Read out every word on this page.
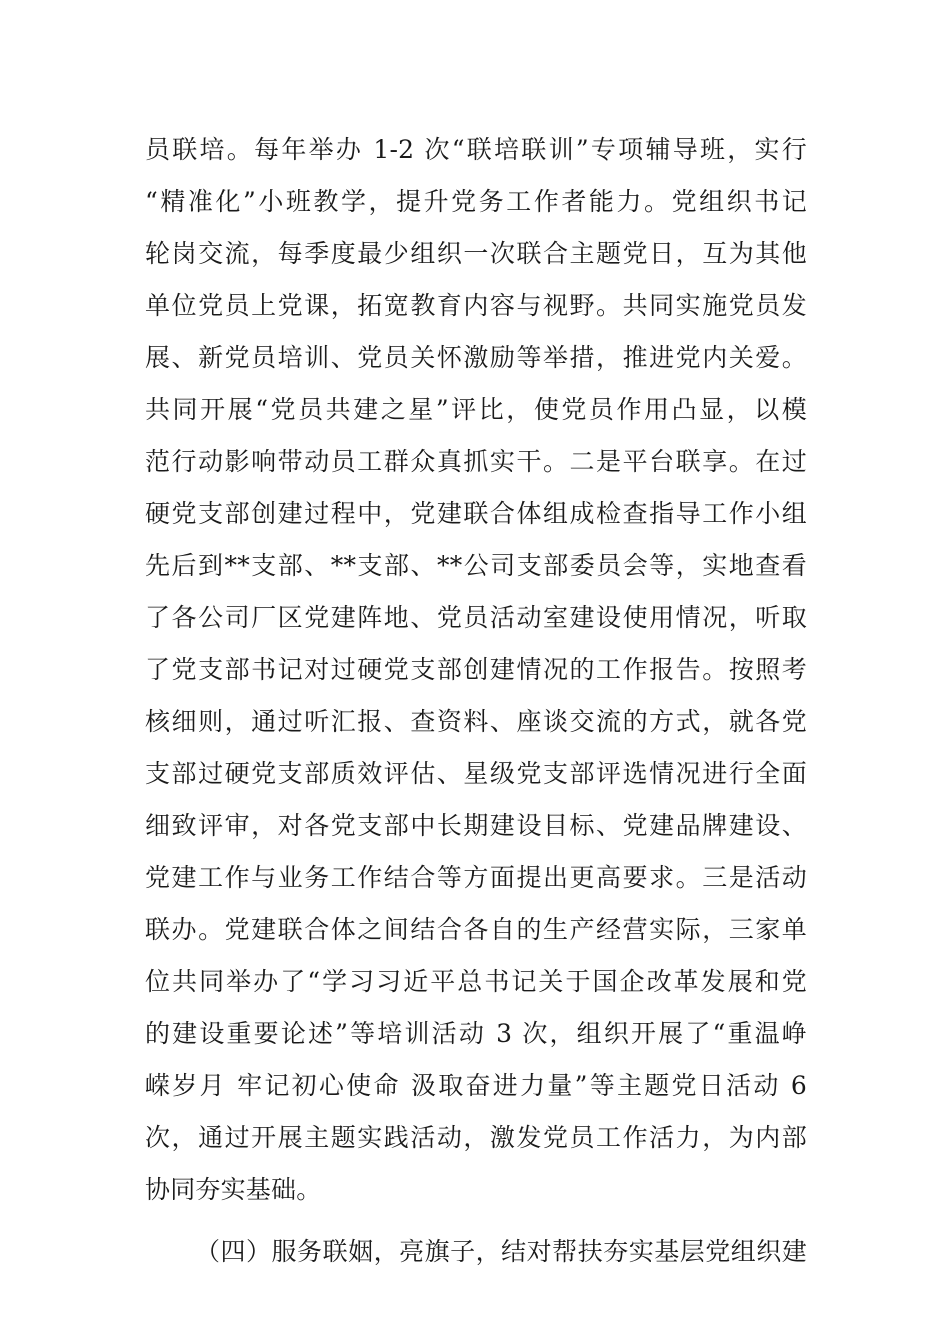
员联培。每年举办 1-2 次“联培联训”专项辅导班，实行
“精准化”小班教学，提升党务工作者能力。党组织书记
轮岗交流，每季度最少组织一次联合主题党日，互为其他
单位党员上党课，拓宽教育内容与视野。共同实施党员发
展、新党员培训、党员关怀激励等举措，推进党内关爱。
共同开展“党员共建之星”评比，使党员作用凸显，以模
范行动影响带动员工群众真抓实干。二是平台联享。在过
硬党支部创建过程中，党建联合体组成检查指导工作小组
先后到**支部、**支部、**公司支部委员会等，实地查看
了各公司厂区党建阵地、党员活动室建设使用情况，听取
了党支部书记对过硬党支部创建情况的工作报告。按照考
核细则，通过听汇报、查资料、座谈交流的方式，就各党
支部过硬党支部质效评估、星级党支部评选情况进行全面
细致评审，对各党支部中长期建设目标、党建品牌建设、
党建工作与业务工作结合等方面提出更高要求。三是活动
联办。党建联合体之间结合各自的生产经营实际，三家单
位共同举办了“学习习近平总书记关于国企改革发展和党
的建设重要论述”等培训活动 3 次，组织开展了“重温峥
嵘岁月 牢记初心使命 汲取奋进力量”等主题党日活动 6
次，通过开展主题实践活动，激发党员工作活力，为内部
协同夯实基础。
（四）服务联姻，亮旗子，结对帮扶夯实基层党组织建
